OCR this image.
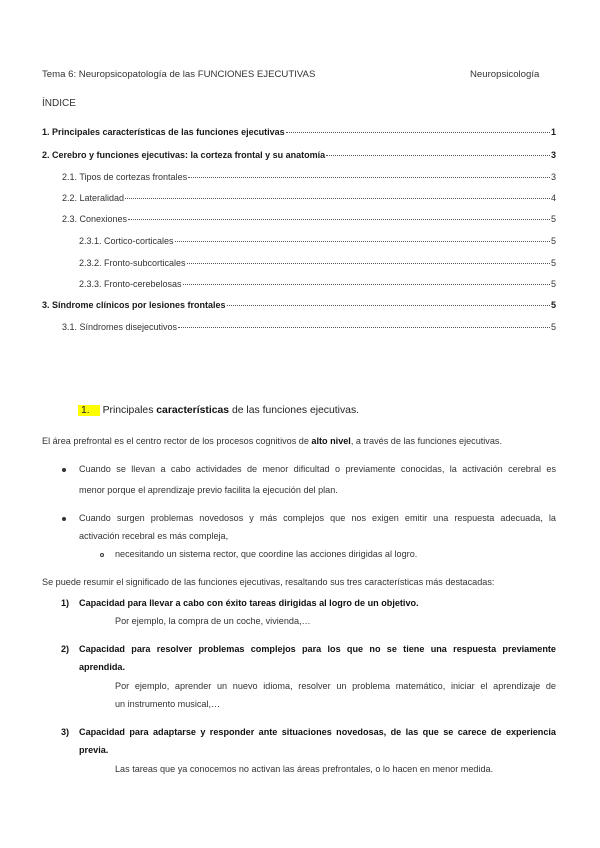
Tema 6: Neuropsicopatología de las FUNCIONES EJECUTIVAS	Neuropsicología
ÍNDICE
1. Principales características de las funciones ejecutivas	1
2. Cerebro y funciones ejecutivas: la corteza frontal y su anatomía	3
2.1. Tipos de cortezas frontales	3
2.2. Lateralidad	4
2.3. Conexiones	5
2.3.1. Cortico-corticales	5
2.3.2. Fronto-subcorticales	5
2.3.3. Fronto-cerebelosas	5
3. Síndrome clínicos por lesiones frontales	5
3.1. Síndromes disejecutivos	5
1. Principales características de las funciones ejecutivas.
El área prefrontal es el centro rector de los procesos cognitivos de alto nivel, a través de las funciones ejecutivas.
Cuando se llevan a cabo actividades de menor dificultad o previamente conocidas, la activación cerebral es
menor porque el aprendizaje previo facilita la ejecución del plan.
Cuando surgen problemas novedosos y más complejos que nos exigen emitir una respuesta adecuada, la
activación recebral es más compleja,
necesitando un sistema rector, que coordine las acciones dirigidas al logro.
Se puede resumir el significado de las funciones ejecutivas, resaltando sus tres características más destacadas:
1) Capacidad para llevar a cabo con éxito tareas dirigidas al logro de un objetivo.
Por ejemplo, la compra de un coche, vivienda,…
2) Capacidad para resolver problemas complejos para los que no se tiene una respuesta previamente
aprendida.
Por ejemplo, aprender un nuevo idioma, resolver un problema matemático, iniciar el aprendizaje de
un instrumento musical,…
3) Capacidad para adaptarse y responder ante situaciones novedosas, de las que se carece de experiencia
previa.
Las tareas que ya conocemos no activan las áreas prefrontales, o lo hacen en menor medida.
